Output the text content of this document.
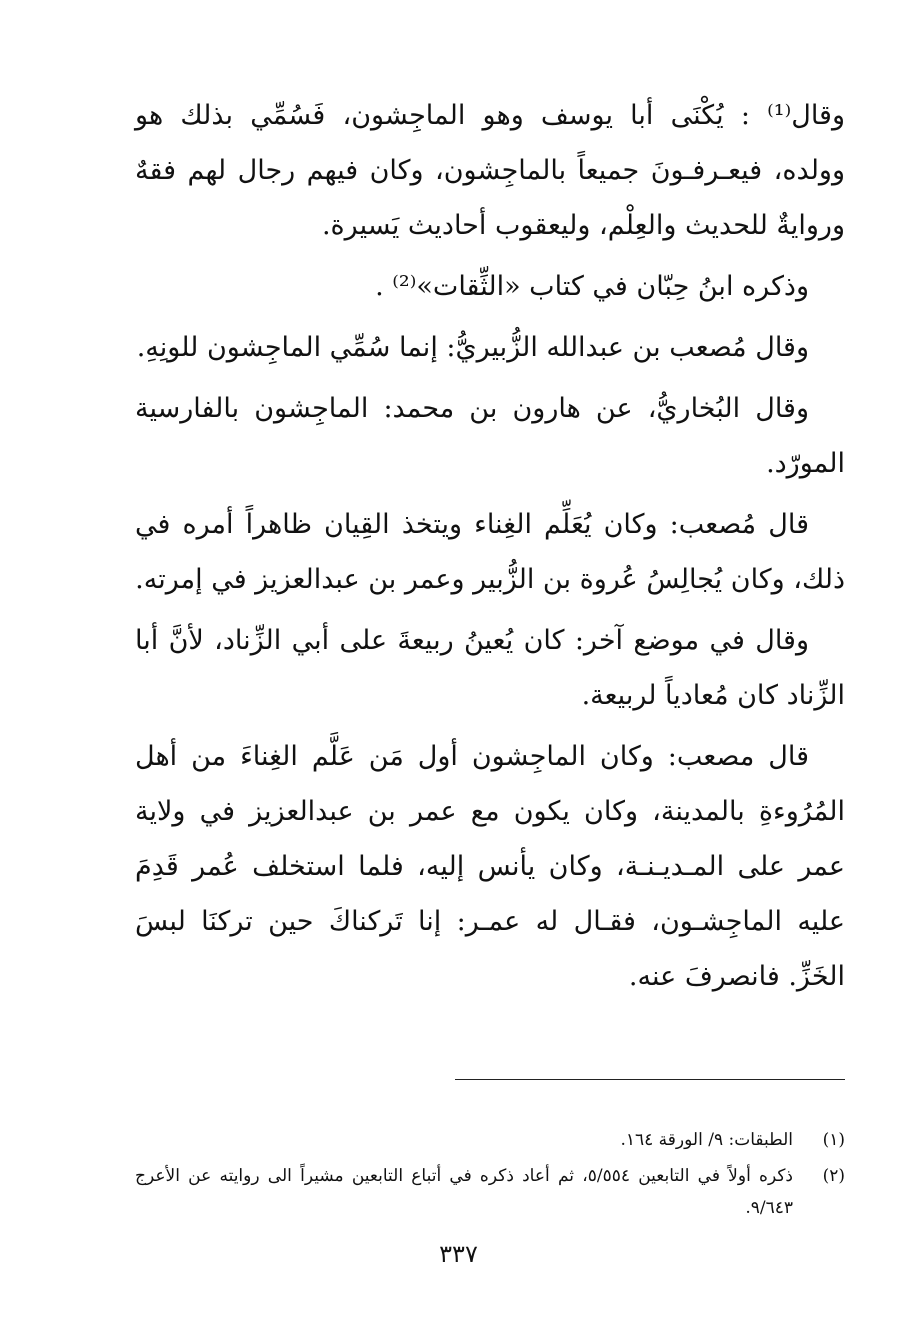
وقال⁽¹⁾ : يُكْنَى أبا يوسف وهو الماجِشون، فَسُمِّي بذلك هو وولده، فيعـرفـونَ جميعاً بالماجِشون، وكان فيهم رجال لهم فقهٌ وروايةٌ للحديث والعِلْم، وليعقوب أحاديث يَسيرة.

وذكره ابنُ حِبّان في كتاب «الثِّقات»⁽²⁾ .

وقال مُصعب بن عبدالله الزُّبيريُّ: إنما سُمِّي الماجِشون للونِهِ.

وقال البُخاريُّ، عن هارون بن محمد: الماجِشون بالفارسية المورّد.

قال مُصعب: وكان يُعَلِّم الغِناء ويتخذ القِيان ظاهراً أمره في ذلك، وكان يُجالِسُ عُروة بن الزُّبير وعمر بن عبدالعزيز في إمرته.

وقال في موضع آخر: كان يُعينُ ربيعةَ على أبي الزِّناد، لأنَّ أبا الزِّناد كان مُعادياً لربيعة.

قال مصعب: وكان الماجِشون أول مَن عَلَّم الغِناءَ من أهل المُرُوءةِ بالمدينة، وكان يكون مع عمر بن عبدالعزيز في ولاية عمر على المـديـنـة، وكان يأنس إليه، فلما استخلف عُمر قَدِمَ عليه الماجِشـون، فقـال له عمـر: إنا تَركناكَ حين تركنَا لبسَ الخَزِّ. فانصرفَ عنه.

(١)
الطبقات: ٩/ الورقة ١٦٤.
(٢)
ذكره أولاً في التابعين ٥/٥٥٤، ثم أعاد ذكره في أتباع التابعين مشيراً الى روايته عن الأعرج ٩/٦٤٣.
٣٣٧
